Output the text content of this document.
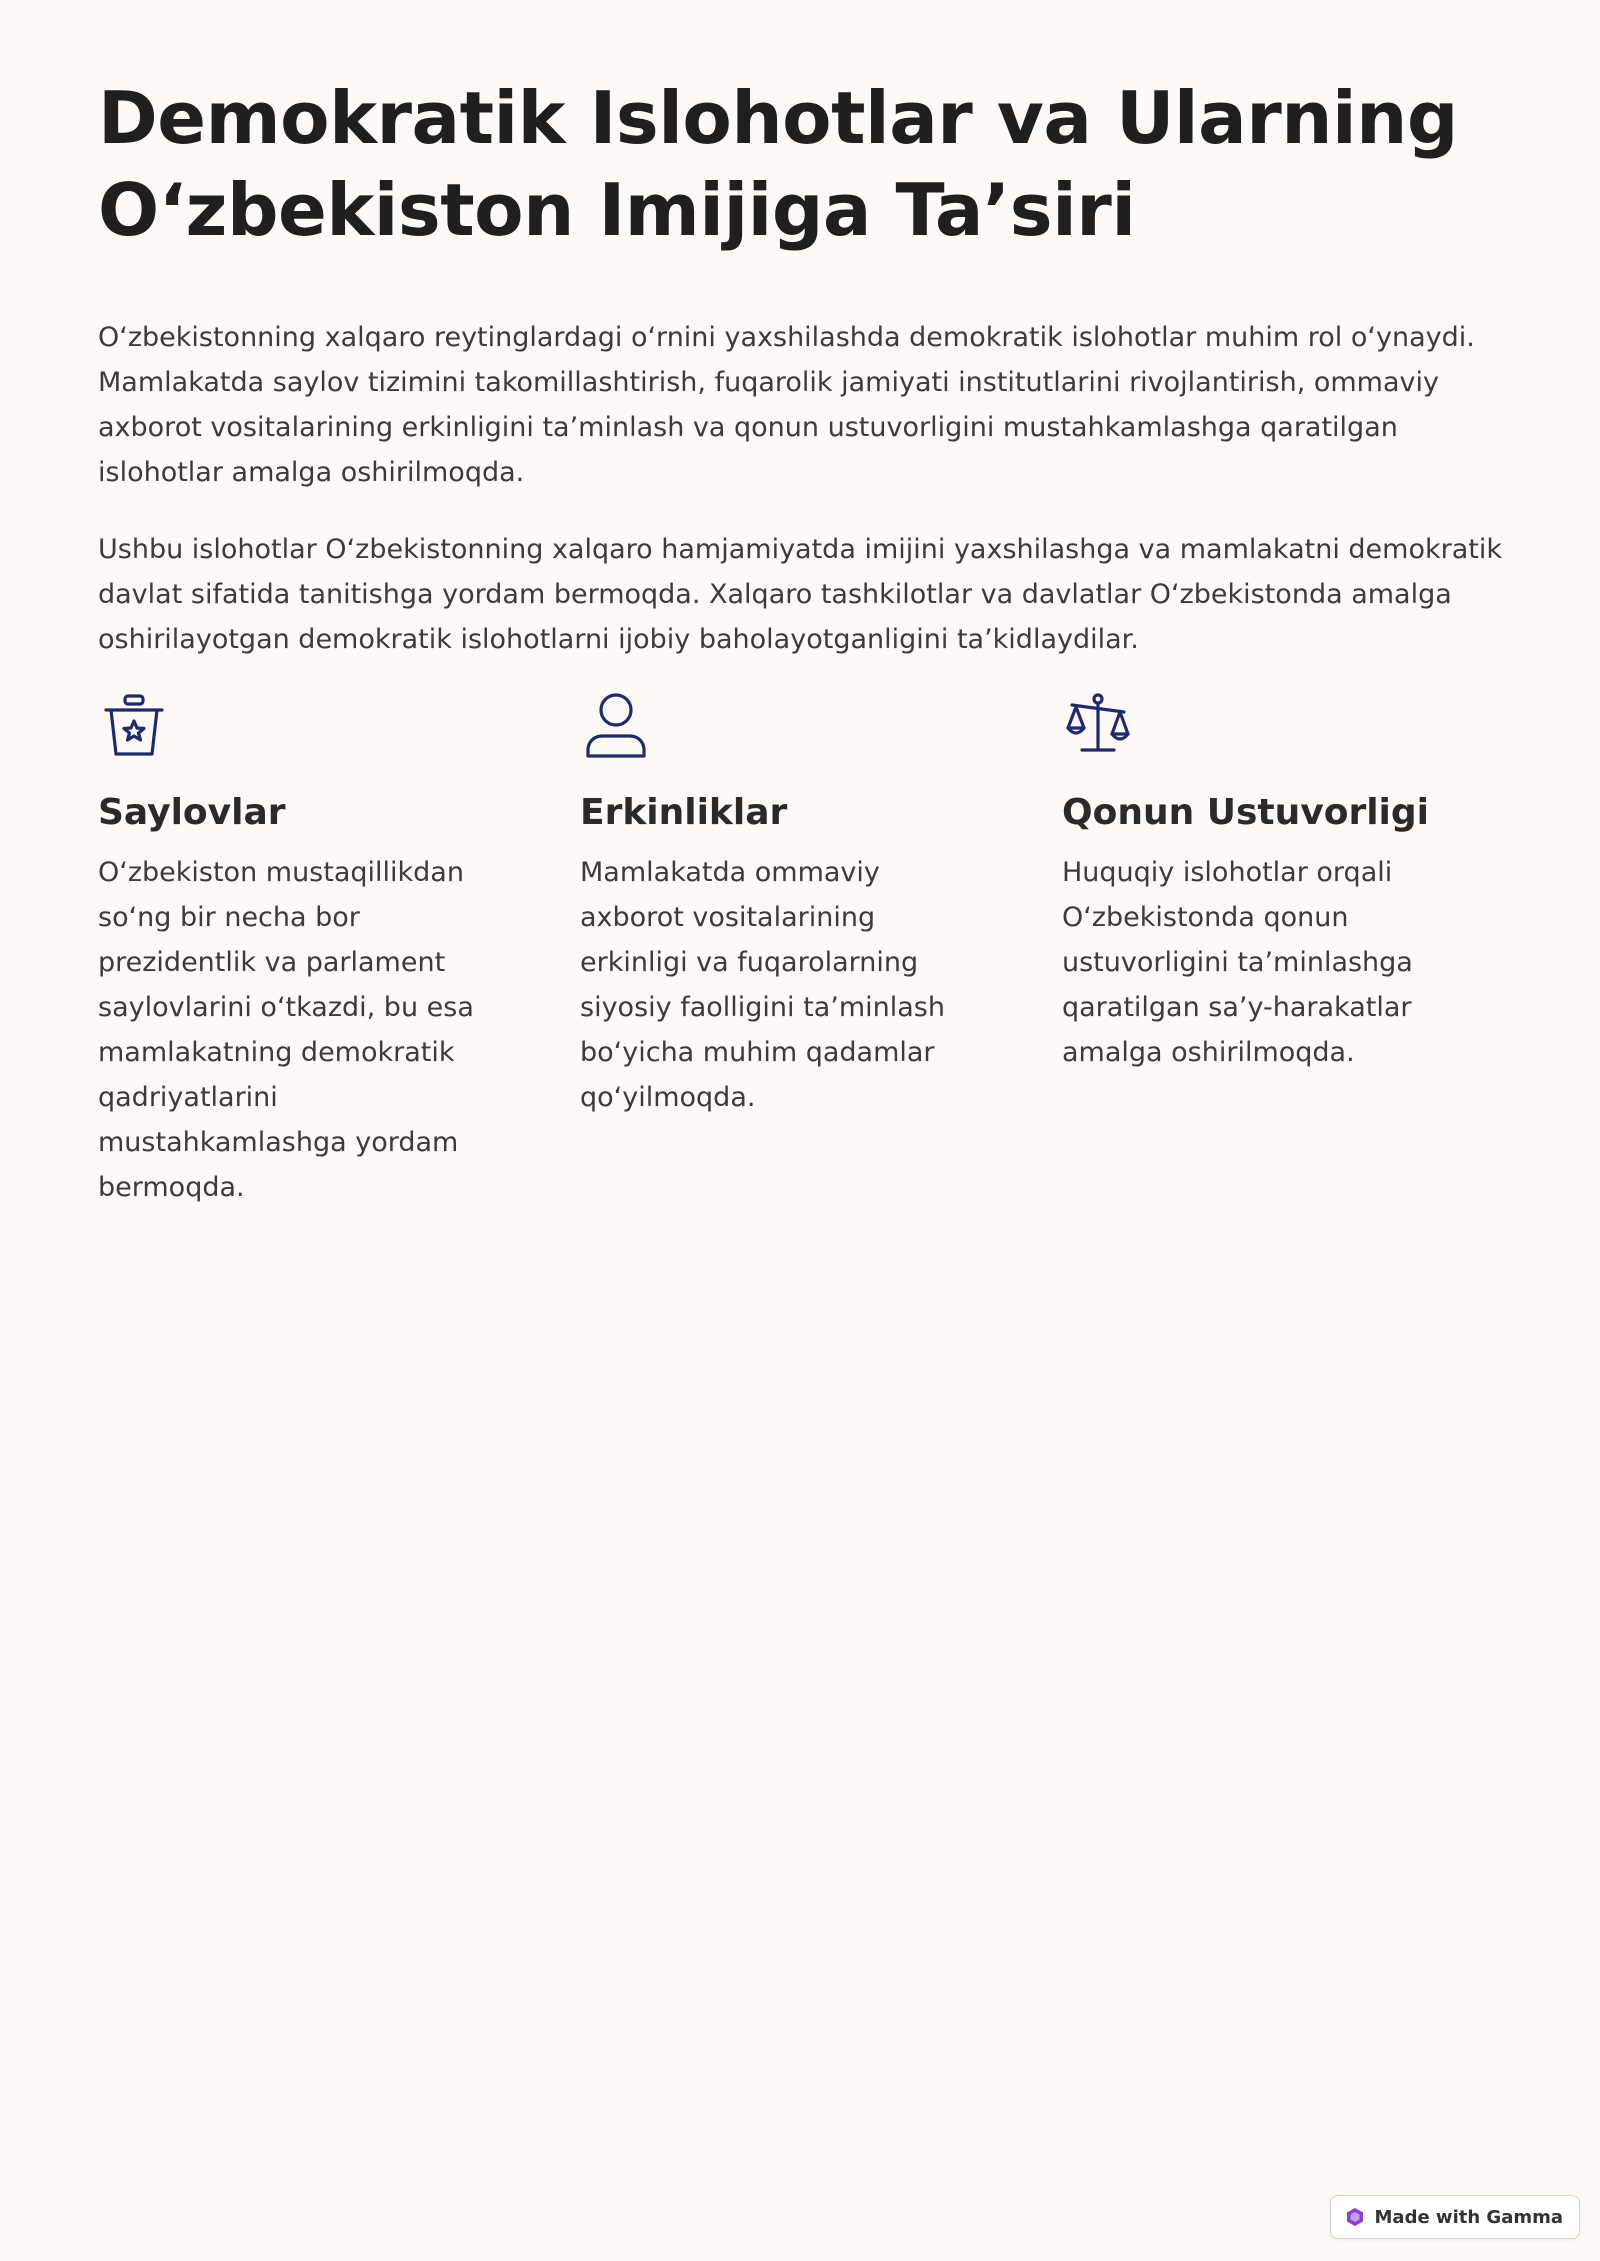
Demokratik Islohotlar va Ularning O‘zbekiston Imijiga Ta’siri

O‘zbekistonning xalqaro reytinglardagi o‘rnini yaxshilashda demokratik islohotlar muhim rol o‘ynaydi. Mamlakatda saylov tizimini takomillashtirish, fuqarolik jamiyati institutlarini rivojlantirish, ommaviy axborot vositalarining erkinligini ta’minlash va qonun ustuvorligini mustahkamlashga qaratilgan islohotlar amalga oshirilmoqda.

Ushbu islohotlar O‘zbekistonning xalqaro hamjamiyatda imijini yaxshilashga va mamlakatni demokratik davlat sifatida tanitishga yordam bermoqda. Xalqaro tashkilotlar va davlatlar O‘zbekistonda amalga oshirilayotgan demokratik islohotlarni ijobiy baholayotganligini ta’kidlaydilar.

Saylovlar

O‘zbekiston mustaqillikdan so‘ng bir necha bor prezidentlik va parlament saylovlarini o‘tkazdi, bu esa mamlakatning demokratik qadriyatlarini mustahkamlashga yordam bermoqda.

Erkinliklar

Mamlakatda ommaviy axborot vositalarining erkinligi va fuqarolarning siyosiy faolligini ta’minlash bo‘yicha muhim qadamlar qo‘yilmoqda.

Qonun Ustuvorligi

Huquqiy islohotlar orqali O‘zbekistonda qonun ustuvorligini ta’minlashga qaratilgan sa’y-harakatlar amalga oshirilmoqda.

Made with Gamma
